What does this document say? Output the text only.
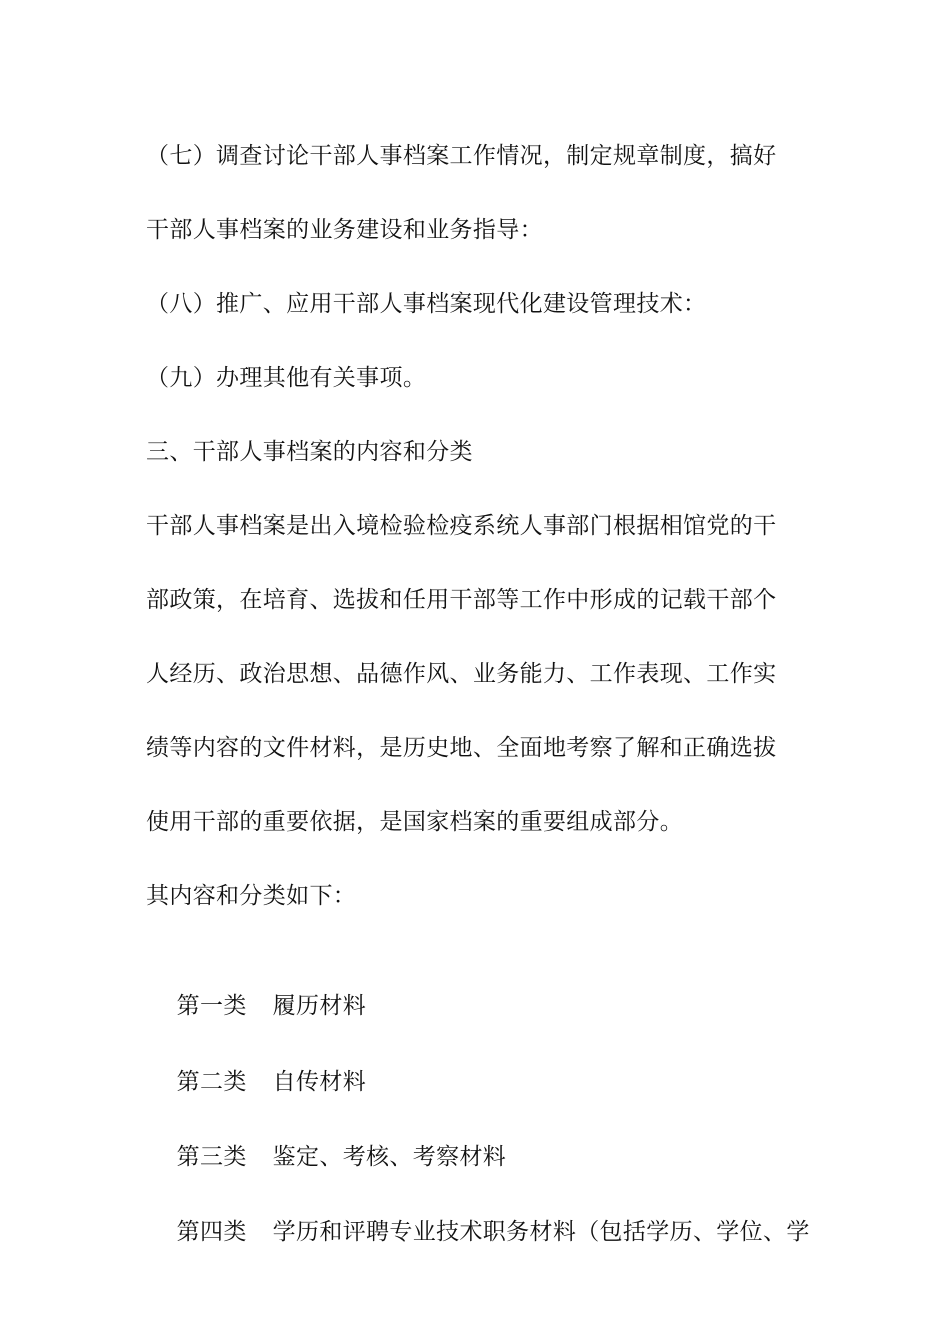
（七）调查讨论干部人事档案工作情况，制定规章制度，搞好
干部人事档案的业务建设和业务指导：
（八）推广、应用干部人事档案现代化建设管理技术：
（九）办理其他有关事项。
三、干部人事档案的内容和分类
干部人事档案是出入境检验检疫系统人事部门根据相馆党的干
部政策，在培育、选拔和任用干部等工作中形成的记载干部个
人经历、政治思想、品德作风、业务能力、工作表现、工作实
绩等内容的文件材料，是历史地、全面地考察了解和正确选拔
使用干部的重要依据，是国家档案的重要组成部分。
其内容和分类如下：

第一类 履历材料

第二类 自传材料

第三类 鉴定、考核、考察材料

第四类 学历和评聘专业技术职务材料（包括学历、学位、学
